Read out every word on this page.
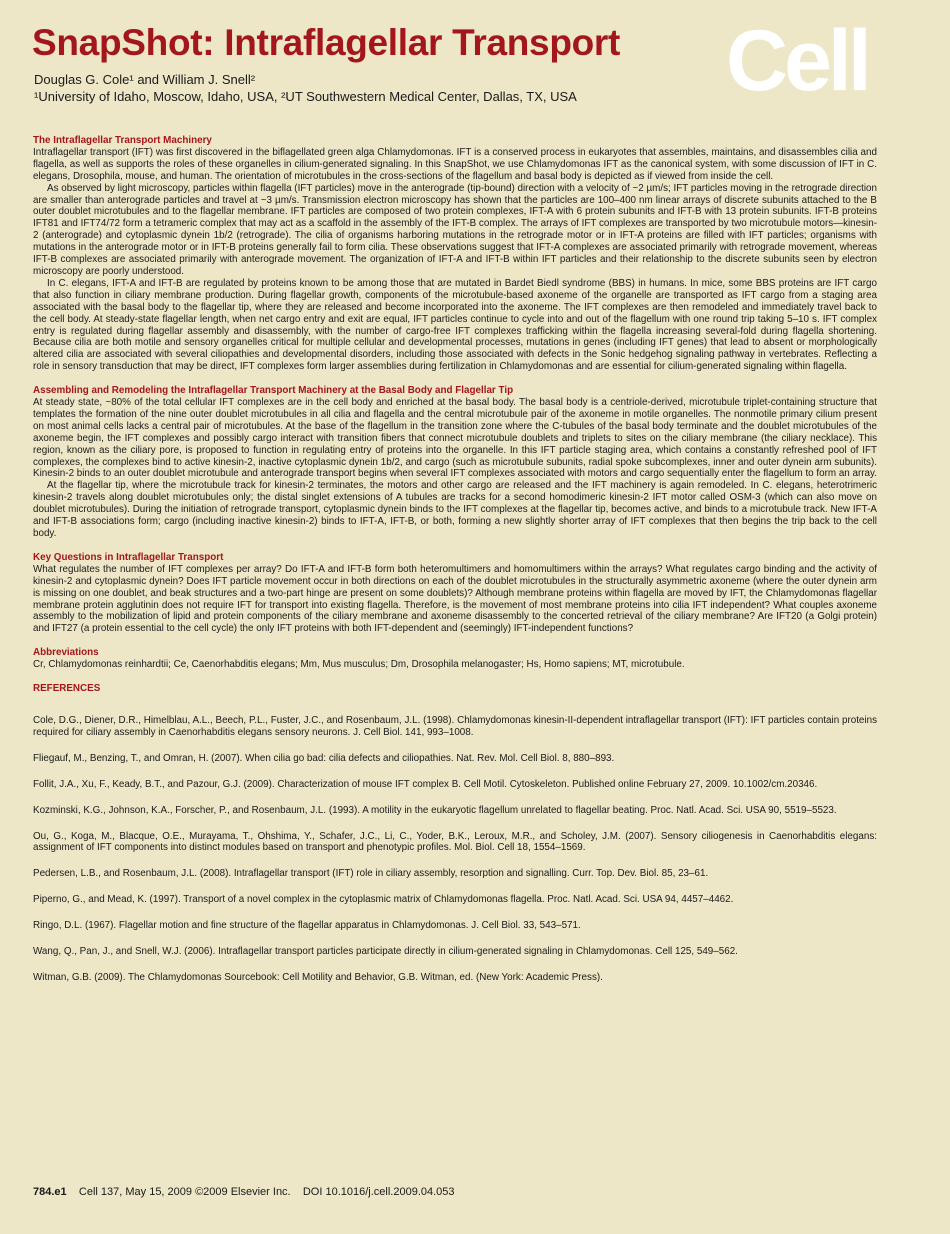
SnapShot: Intraflagellar Transport
Douglas G. Cole¹ and William J. Snell²
¹University of Idaho, Moscow, Idaho, USA, ²UT Southwestern Medical Center, Dallas, TX, USA Cell

The Intraflagellar Transport Machinery

Intraflagellar transport (IFT) was first discovered in the biflagellated green alga Chlamydomonas. IFT is a conserved process in eukaryotes that assembles, maintains, and disassembles cilia and flagella, as well as supports the roles of these organelles in cilium-generated signaling. In this SnapShot, we use Chlamydomonas IFT as the canonical system, with some discussion of IFT in C. elegans, Drosophila, mouse, and human. The orientation of microtubules in the cross-sections of the flagellum and basal body is depicted as if viewed from inside the cell.

As observed by light microscopy, particles within flagella (IFT particles) move in the anterograde (tip-bound) direction with a velocity of ~2 µm/s; IFT particles moving in the retrograde direction are smaller than anterograde particles and travel at ~3 µm/s. Transmission electron microscopy has shown that the particles are 100–400 nm linear arrays of discrete subunits attached to the B outer doublet microtubules and to the flagellar membrane. IFT particles are composed of two protein complexes, IFT-A with 6 protein subunits and IFT-B with 13 protein subunits. IFT-B proteins IFT81 and IFT74/72 form a tetrameric complex that may act as a scaffold in the assembly of the IFT-B complex. The arrays of IFT complexes are transported by two microtubule motors—kinesin-2 (anterograde) and cytoplasmic dynein 1b/2 (retrograde). The cilia of organisms harboring mutations in the retrograde motor or in IFT-A proteins are filled with IFT particles; organisms with mutations in the anterograde motor or in IFT-B proteins generally fail to form cilia. These observations suggest that IFT-A complexes are associated primarily with retrograde movement, whereas IFT-B complexes are associated primarily with anterograde movement. The organization of IFT-A and IFT-B within IFT particles and their relationship to the discrete subunits seen by electron microscopy are poorly understood.

In C. elegans, IFT-A and IFT-B are regulated by proteins known to be among those that are mutated in Bardet Biedl syndrome (BBS) in humans. In mice, some BBS proteins are IFT cargo that also function in ciliary membrane production. During flagellar growth, components of the microtubule-based axoneme of the organelle are transported as IFT cargo from a staging area associated with the basal body to the flagellar tip, where they are released and become incorporated into the axoneme. The IFT complexes are then remodeled and immediately travel back to the cell body. At steady-state flagellar length, when net cargo entry and exit are equal, IFT particles continue to cycle into and out of the flagellum with one round trip taking 5–10 s. IFT complex entry is regulated during flagellar assembly and disassembly, with the number of cargo-free IFT complexes trafficking within the flagella increasing several-fold during flagella shortening. Because cilia are both motile and sensory organelles critical for multiple cellular and developmental processes, mutations in genes (including IFT genes) that lead to absent or morphologically altered cilia are associated with several ciliopathies and developmental disorders, including those associated with defects in the Sonic hedgehog signaling pathway in vertebrates. Reflecting a role in sensory transduction that may be direct, IFT complexes form larger assemblies during fertilization in Chlamydomonas and are essential for cilium-generated signaling within flagella.

Assembling and Remodeling the Intraflagellar Transport Machinery at the Basal Body and Flagellar Tip

At steady state, ~80% of the total cellular IFT complexes are in the cell body and enriched at the basal body. The basal body is a centriole-derived, microtubule triplet-containing structure that templates the formation of the nine outer doublet microtubules in all cilia and flagella and the central microtubule pair of the axoneme in motile organelles. The nonmotile primary cilium present on most animal cells lacks a central pair of microtubules. At the base of the flagellum in the transition zone where the C-tubules of the basal body terminate and the doublet microtubules of the axoneme begin, the IFT complexes and possibly cargo interact with transition fibers that connect microtubule doublets and triplets to sites on the ciliary membrane (the ciliary necklace). This region, known as the ciliary pore, is proposed to function in regulating entry of proteins into the organelle. In this IFT particle staging area, which contains a constantly refreshed pool of IFT complexes, the complexes bind to active kinesin-2, inactive cytoplasmic dynein 1b/2, and cargo (such as microtubule subunits, radial spoke subcomplexes, inner and outer dynein arm subunits). Kinesin-2 binds to an outer doublet microtubule and anterograde transport begins when several IFT complexes associated with motors and cargo sequentially enter the flagellum to form an array.

At the flagellar tip, where the microtubule track for kinesin-2 terminates, the motors and other cargo are released and the IFT machinery is again remodeled. In C. elegans, heterotrimeric kinesin-2 travels along doublet microtubules only; the distal singlet extensions of A tubules are tracks for a second homodimeric kinesin-2 IFT motor called OSM-3 (which can also move on doublet microtubules). During the initiation of retrograde transport, cytoplasmic dynein binds to the IFT complexes at the flagellar tip, becomes active, and binds to a microtubule track. New IFT-A and IFT-B associations form; cargo (including inactive kinesin-2) binds to IFT-A, IFT-B, or both, forming a new slightly shorter array of IFT complexes that then begins the trip back to the cell body.

Key Questions in Intraflagellar Transport

What regulates the number of IFT complexes per array? Do IFT-A and IFT-B form both heteromultimers and homomultimers within the arrays? What regulates cargo binding and the activity of kinesin-2 and cytoplasmic dynein? Does IFT particle movement occur in both directions on each of the doublet microtubules in the structurally asymmetric axoneme (where the outer dynein arm is missing on one doublet, and beak structures and a two-part hinge are present on some doublets)? Although membrane proteins within flagella are moved by IFT, the Chlamydomonas flagellar membrane protein agglutinin does not require IFT for transport into existing flagella. Therefore, is the movement of most membrane proteins into cilia IFT independent? What couples axoneme assembly to the mobilization of lipid and protein components of the ciliary membrane and axoneme disassembly to the concerted retrieval of the ciliary membrane? Are IFT20 (a Golgi protein) and IFT27 (a protein essential to the cell cycle) the only IFT proteins with both IFT-dependent and (seemingly) IFT-independent functions?

Abbreviations

Cr, Chlamydomonas reinhardtii; Ce, Caenorhabditis elegans; Mm, Mus musculus; Dm, Drosophila melanogaster; Hs, Homo sapiens; MT, microtubule.

REFERENCES

Cole, D.G., Diener, D.R., Himelblau, A.L., Beech, P.L., Fuster, J.C., and Rosenbaum, J.L. (1998). Chlamydomonas kinesin-II-dependent intraflagellar transport (IFT): IFT particles contain proteins required for ciliary assembly in Caenorhabditis elegans sensory neurons. J. Cell Biol. 141, 993–1008.

Fliegauf, M., Benzing, T., and Omran, H. (2007). When cilia go bad: cilia defects and ciliopathies. Nat. Rev. Mol. Cell Biol. 8, 880–893.

Follit, J.A., Xu, F., Keady, B.T., and Pazour, G.J. (2009). Characterization of mouse IFT complex B. Cell Motil. Cytoskeleton. Published online February 27, 2009. 10.1002/cm.20346.

Kozminski, K.G., Johnson, K.A., Forscher, P., and Rosenbaum, J.L. (1993). A motility in the eukaryotic flagellum unrelated to flagellar beating. Proc. Natl. Acad. Sci. USA 90, 5519–5523.

Ou, G., Koga, M., Blacque, O.E., Murayama, T., Ohshima, Y., Schafer, J.C., Li, C., Yoder, B.K., Leroux, M.R., and Scholey, J.M. (2007). Sensory ciliogenesis in Caenorhabditis elegans: assignment of IFT components into distinct modules based on transport and phenotypic profiles. Mol. Biol. Cell 18, 1554–1569.

Pedersen, L.B., and Rosenbaum, J.L. (2008). Intraflagellar transport (IFT) role in ciliary assembly, resorption and signalling. Curr. Top. Dev. Biol. 85, 23–61.

Piperno, G., and Mead, K. (1997). Transport of a novel complex in the cytoplasmic matrix of Chlamydomonas flagella. Proc. Natl. Acad. Sci. USA 94, 4457–4462.

Ringo, D.L. (1967). Flagellar motion and fine structure of the flagellar apparatus in Chlamydomonas. J. Cell Biol. 33, 543–571.

Wang, Q., Pan, J., and Snell, W.J. (2006). Intraflagellar transport particles participate directly in cilium-generated signaling in Chlamydomonas. Cell 125, 549–562.

Witman, G.B. (2009). The Chlamydomonas Sourcebook: Cell Motility and Behavior, G.B. Witman, ed. (New York: Academic Press).

784.e1 Cell 137, May 15, 2009 ©2009 Elsevier Inc. DOI 10.1016/j.cell.2009.04.053
